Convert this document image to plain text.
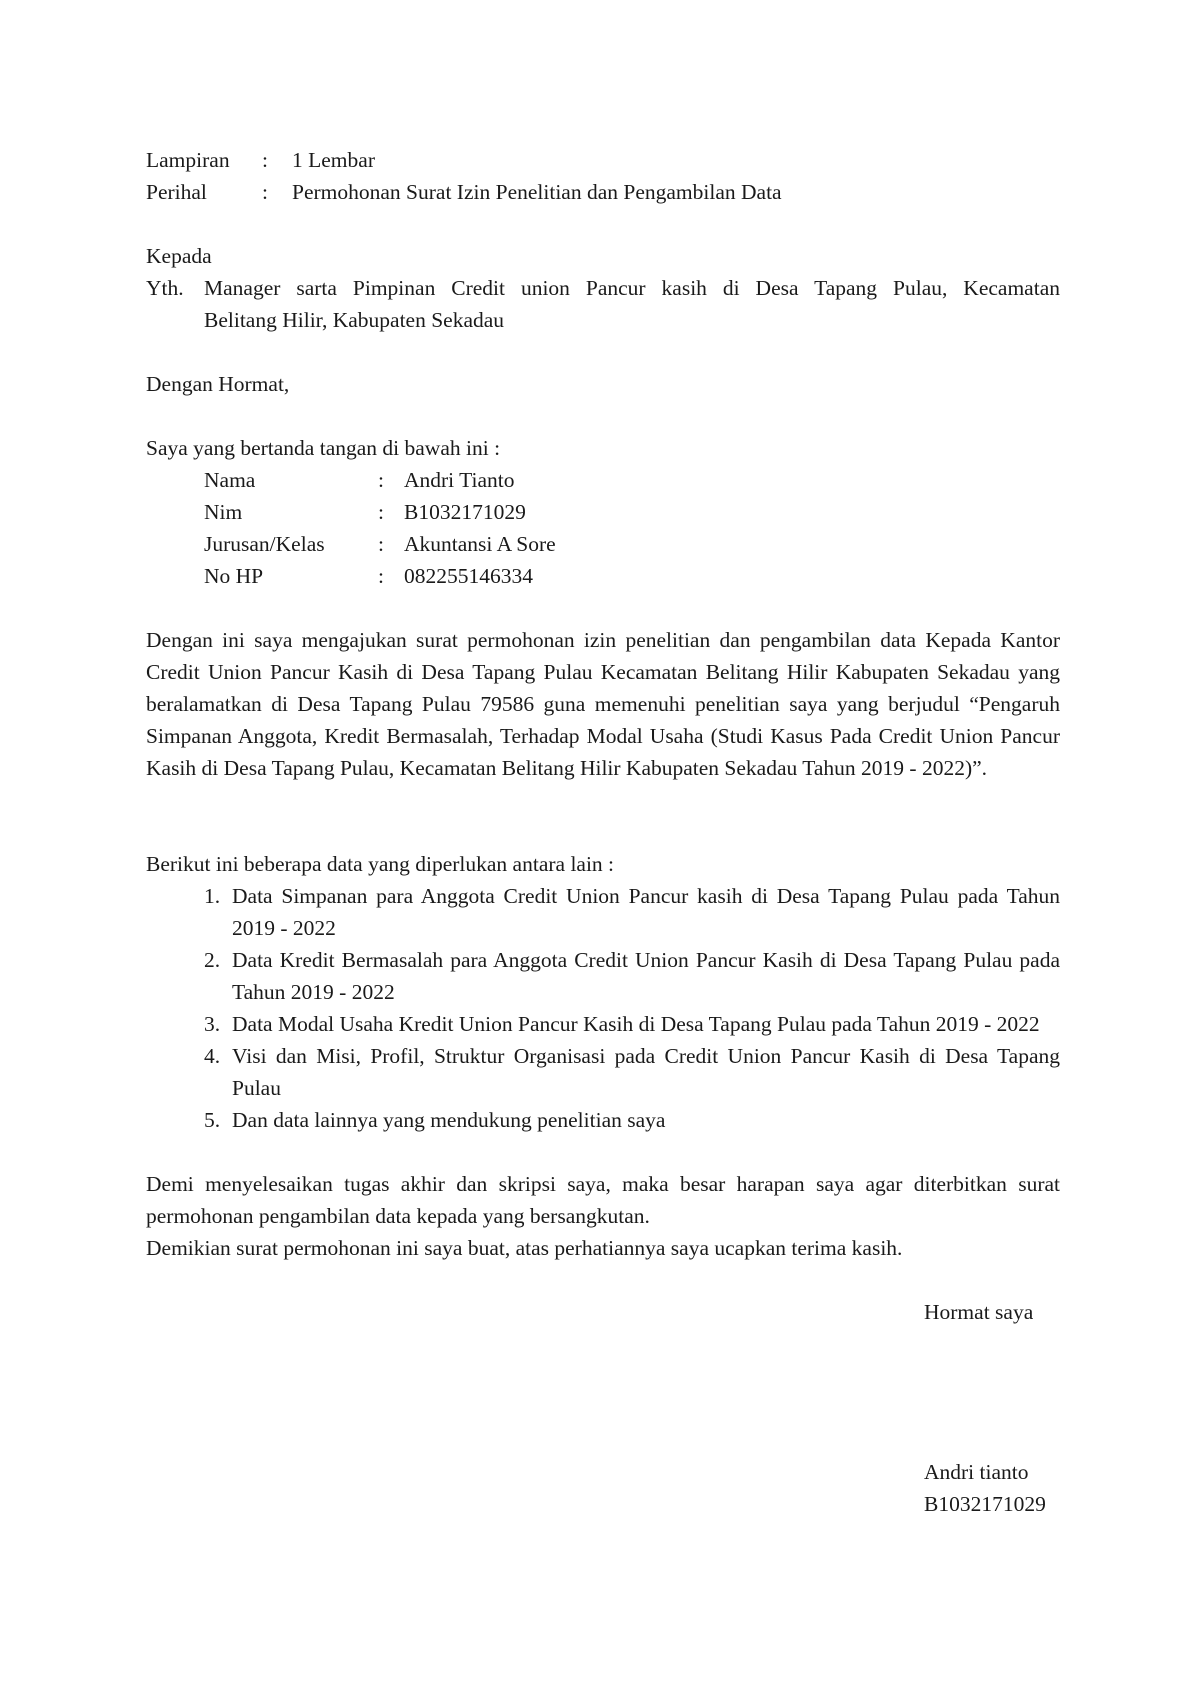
Lampiran : 1 Lembar
Perihal	: Permohonan Surat Izin Penelitian dan Pengambilan Data
Kepada
Yth. Manager sarta Pimpinan Credit union Pancur kasih di Desa Tapang Pulau, Kecamatan
Belitang Hilir, Kabupaten Sekadau
Dengan Hormat,
Saya yang bertanda tangan di bawah ini :
Nama	: Andri Tianto
Nim	: B1032171029
Jurusan/Kelas : Akuntansi A Sore
No HP	: 082255146334
Dengan ini saya mengajukan surat permohonan izin penelitian dan pengambilan data Kepada Kantor Credit Union Pancur Kasih di Desa Tapang Pulau Kecamatan Belitang Hilir Kabupaten Sekadau yang beralamatkan di Desa Tapang Pulau 79586 guna memenuhi penelitian saya yang berjudul “Pengaruh Simpanan Anggota, Kredit Bermasalah, Terhadap Modal Usaha (Studi Kasus Pada Credit Union Pancur Kasih di Desa Tapang Pulau, Kecamatan Belitang Hilir Kabupaten Sekadau Tahun 2019 - 2022)”.
Berikut ini beberapa data yang diperlukan antara lain :
1. Data Simpanan para Anggota Credit Union Pancur kasih di Desa Tapang Pulau pada Tahun 2019 - 2022
2. Data Kredit Bermasalah para Anggota Credit Union Pancur Kasih di Desa Tapang Pulau pada Tahun 2019 - 2022
3. Data Modal Usaha Kredit Union Pancur Kasih di Desa Tapang Pulau pada Tahun 2019 - 2022
4. Visi dan Misi, Profil, Struktur Organisasi pada Credit Union Pancur Kasih di Desa Tapang Pulau
5. Dan data lainnya yang mendukung penelitian saya
Demi menyelesaikan tugas akhir dan skripsi saya, maka besar harapan saya agar diterbitkan surat permohonan pengambilan data kepada yang bersangkutan.
Demikian surat permohonan ini saya buat, atas perhatiannya saya ucapkan terima kasih.
Hormat saya
Andri tianto
B1032171029
